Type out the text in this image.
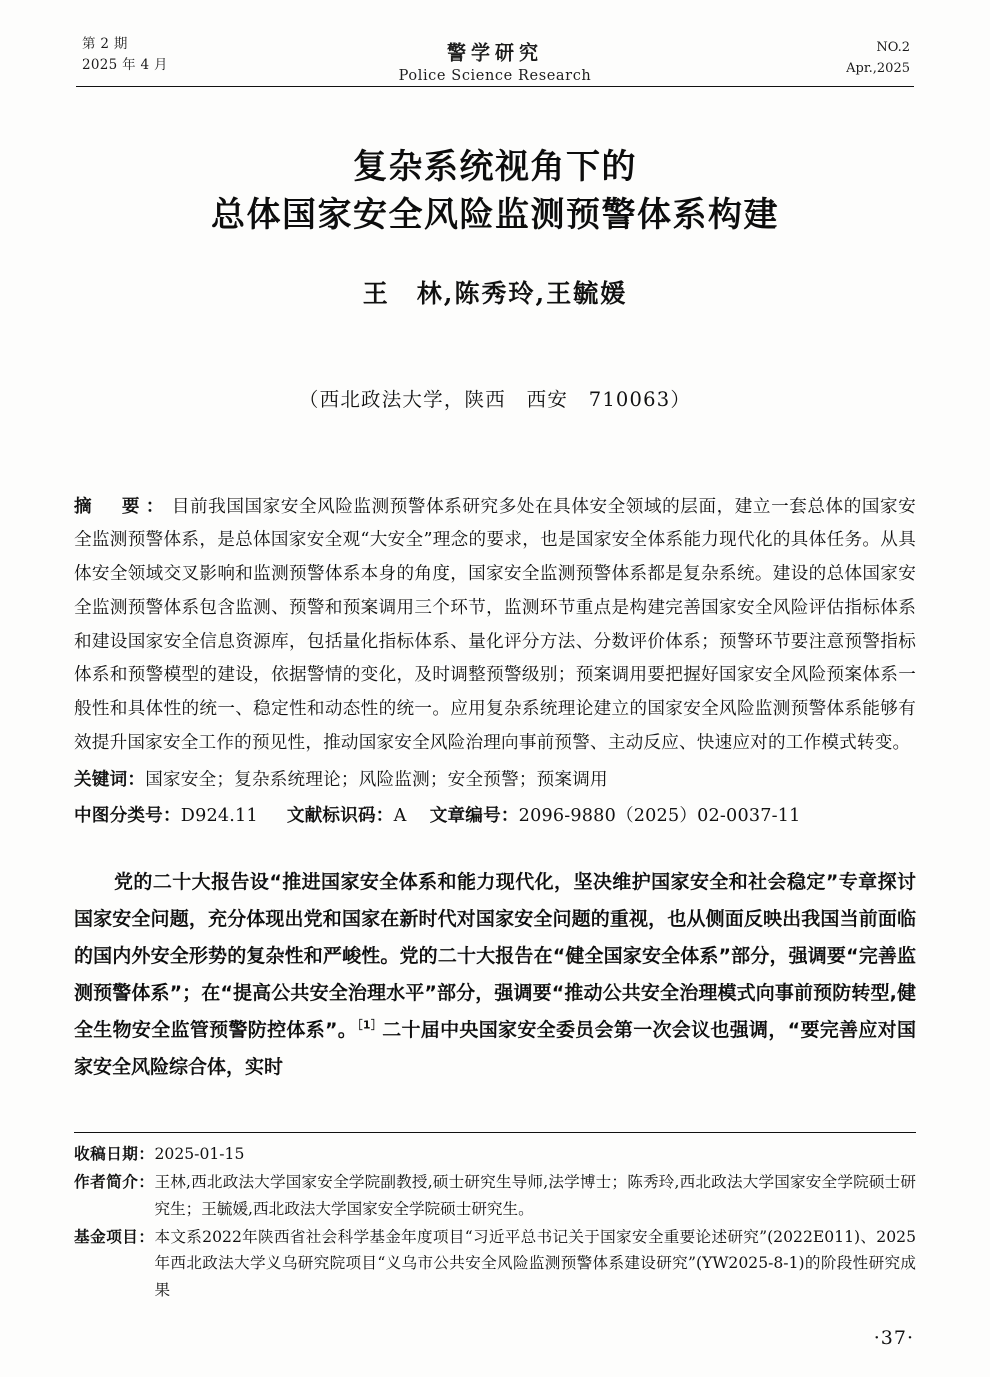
第 2 期
2025 年 4 月
警学研究
Police Science Research
NO.2
Apr.,2025
复杂系统视角下的
总体国家安全风险监测预警体系构建
王　林,陈秀玲,王毓媛
（西北政法大学，陕西　西安　710063）

摘　要： 目前我国国家安全风险监测预警体系研究多处在具体安全领域的层面，建立一套总体的国家安全监测预警体系，是总体国家安全观“大安全”理念的要求，也是国家安全体系能力现代化的具体任务。从具体安全领域交叉影响和监测预警体系本身的角度，国家安全监测预警体系都是复杂系统。建设的总体国家安全监测预警体系包含监测、预警和预案调用三个环节，监测环节重点是构建完善国家安全风险评估指标体系和建设国家安全信息资源库，包括量化指标体系、量化评分方法、分数评价体系；预警环节要注意预警指标体系和预警模型的建设，依据警情的变化，及时调整预警级别；预案调用要把握好国家安全风险预案体系一般性和具体性的统一、稳定性和动态性的统一。应用复杂系统理论建立的国家安全风险监测预警体系能够有效提升国家安全工作的预见性，推动国家安全风险治理向事前预警、主动反应、快速应对的工作模式转变。

关键词：国家安全；复杂系统理论；风险监测；安全预警；预案调用
中图分类号：D924.11 文献标识码：A 文章编号：2096-9880（2025）02-0037-11

党的二十大报告设“推进国家安全体系和能力现代化，坚决维护国家安全和社会稳定”专章探讨国家安全问题，充分体现出党和国家在新时代对国家安全问题的重视，也从侧面反映出我国当前面临的国内外安全形势的复杂性和严峻性。党的二十大报告在“健全国家安全体系”部分，强调要“完善监测预警体系”；在“提高公共安全治理水平”部分，强调要“推动公共安全治理模式向事前预防转型,健全生物安全监管预警防控体系”。$^{[1]}$二十届中央国家安全委员会第一次会议也强调，“要完善应对国家安全风险综合体，实时

收稿日期： 2025-01-15
作者简介： 王林,西北政法大学国家安全学院副教授,硕士研究生导师,法学博士；陈秀玲,西北政法大学国家安全学院硕士研究生；王毓媛,西北政法大学国家安全学院硕士研究生。
基金项目： 本文系2022年陕西省社会科学基金年度项目“习近平总书记关于国家安全重要论述研究”(2022E011)、2025年西北政法大学义乌研究院项目“义乌市公共安全风险监测预警体系建设研究”(YW2025-8-1)的阶段性研究成果
·37·
